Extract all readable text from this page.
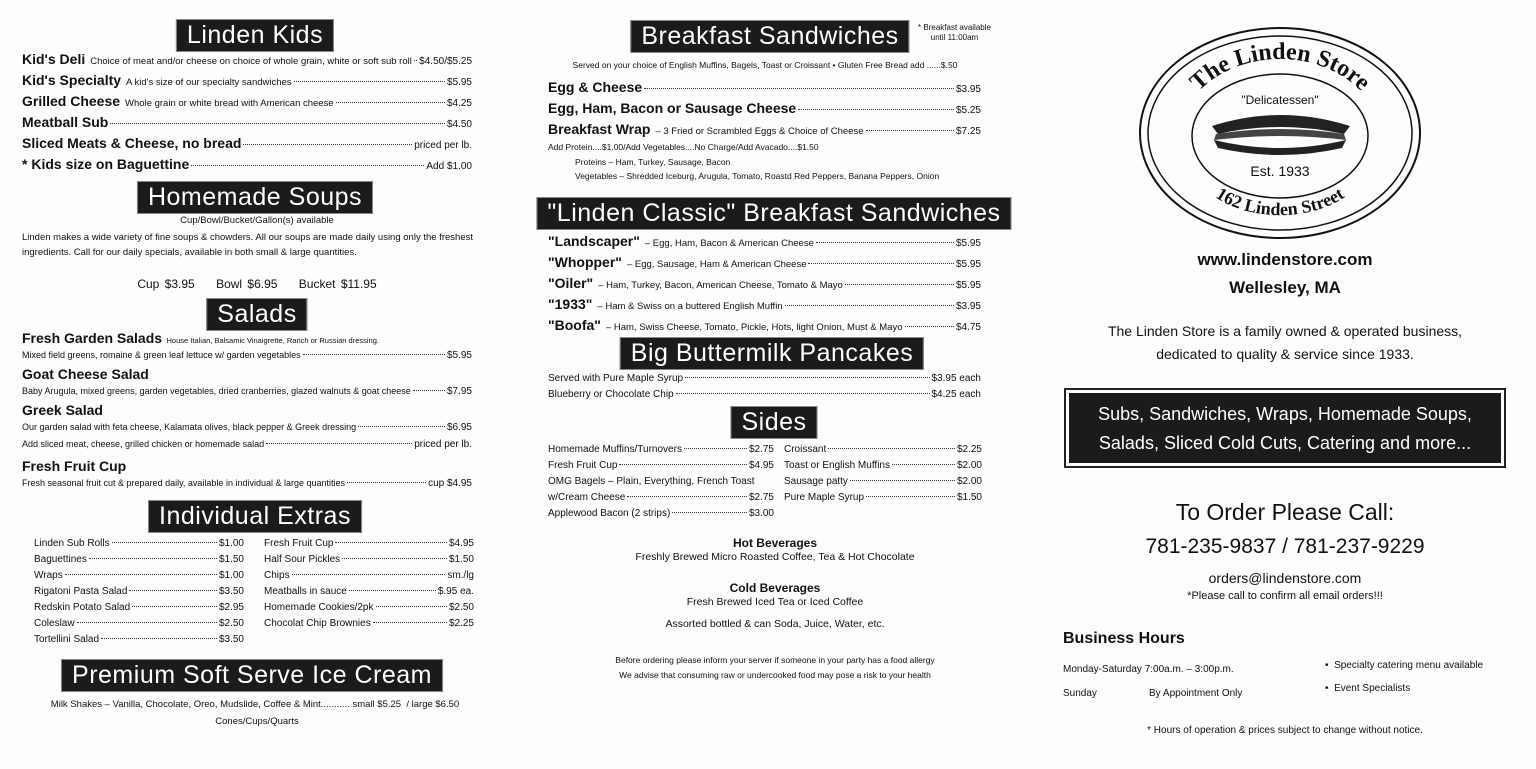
Linden Kids
Kid's Deli Choice of meat and/or cheese on choice of whole grain, white or soft sub roll $4.50/$5.25
Kid's Specialty A kid's size of our specialty sandwiches	$5.95
Grilled Cheese Whole grain or white bread with American cheese	$4.25
Meatball Sub	$4.50
Sliced Meats & Cheese, no bread	priced per lb.
* Kids size on Baguettine	Add $1.00
Homemade Soups
Cup/Bowl/Bucket/Gallon(s) available
Linden makes a wide variety of fine soups & chowders. All our soups are made daily using only the freshest ingredients. Call for our daily specials, available in both small & large quantities.
Cup $3.95 Bowl $6.95 Bucket $11.95
Salads
Fresh Garden Salads House Italian, Balsamic Vinaigrette, Ranch or Russian dressing.
Mixed field greens, romaine & green leaf lettuce w/ garden vegetables	$5.95
Goat Cheese Salad
Baby Arugula, mixed greens, garden vegetables, dried cranberries, glazed walnuts & goat cheese	$7.95
Greek Salad
Our garden salad with feta cheese, Kalamata olives, black pepper & Greek dressing	$6.95
Add sliced meat, cheese, grilled chicken or homemade salad	priced per lb.
Fresh Fruit Cup
Fresh seasonal fruit cut & prepared daily, available in individual & large quantities	cup $4.95
Individual Extras
Linden Sub Rolls	$1.00
Baguettines	$1.50
Wraps	$1.00
Rigatoni Pasta Salad	$3.50
Redskin Potato Salad	$2.95
Coleslaw	$2.50
Tortellini Salad	$3.50
Fresh Fruit Cup	$4.95
Half Sour Pickles	$1.50
Chips	sm./lg
Meatballs in sauce	$.95 ea.
Homemade Cookies/2pk	$2.50
Chocolat Chip Brownies	$2.25
Premium Soft Serve Ice Cream
Milk Shakes – Vanilla, Chocolate, Oreo, Mudslide, Coffee & Mint........... small $5.25 / large $6.50
Cones/Cups/Quarts
Breakfast Sandwiches	* Breakfast available
until 11:00am
Served on your choice of English Muffins, Bagels, Toast or Croissant • Gluten Free Bread add ......$.50
Egg & Cheese	$3.95
Egg, Ham, Bacon or Sausage Cheese	$5.25
Breakfast Wrap – 3 Fried or Scrambled Eggs & Choice of Cheese	$7.25
Add Protein....$1.00/Add Vegetables....No Charge/Add Avacado....$1.50
Proteins – Ham, Turkey, Sausage, Bacon
Vegetables – Shredded Iceburg, Arugula, Tomato, Roastd Red Peppers, Banana Peppers, Onion
"Linden Classic" Breakfast Sandwiches
"Landscaper" – Egg, Ham, Bacon & American Cheese	$5.95
"Whopper" – Egg, Sausage, Ham & American Cheese	$5.95
"Oiler" – Ham, Turkey, Bacon, American Cheese, Tomato & Mayo	$5.95
"1933" – Ham & Swiss on a buttered English Muffin	$3.95
"Boofa" – Ham, Swiss Cheese, Tomato, Pickle, Hots, light Onion, Must & Mayo	$4.75
Big Buttermilk Pancakes
Served with Pure Maple Syrup	$3.95 each
Blueberry or Chocolate Chip	$4.25 each
Sides
Homemade Muffins/Turnovers	$2.75
Fresh Fruit Cup	$4.95
OMG Bagels – Plain, Everything, French Toast
w/Cream Cheese	$2.75
Applewood Bacon (2 strips)	$3.00
Croissant	$2.25
Toast or English Muffins	$2.00
Sausage patty	$2.00
Pure Maple Syrup	$1.50
Hot Beverages
Freshly Brewed Micro Roasted Coffee, Tea & Hot Chocolate
Cold Beverages
Fresh Brewed Iced Tea or Iced Coffee
Assorted bottled & can Soda, Juice, Water, etc.
Before ordering please inform your server if someone in your party has a food allergy
We advise that consuming raw or undercooked food may pose a risk to your health
The Linden Store
"Delicatessen"
Est. 1933
162 Linden Street
www.lindenstore.com
Wellesley, MA
The Linden Store is a family owned & operated business,
dedicated to quality & service since 1933.
Subs, Sandwiches, Wraps, Homemade Soups,
Salads, Sliced Cold Cuts, Catering and more...
To Order Please Call:
781-235-9837 / 781-237-9229
orders@lindenstore.com
*Please call to confirm all email orders!!!
Business Hours
Monday-Saturday 7:00a.m. – 3:00p.m.
Sunday	By Appointment Only
•  Specialty catering menu available
•  Event Specialists
* Hours of operation & prices subject to change without notice.
